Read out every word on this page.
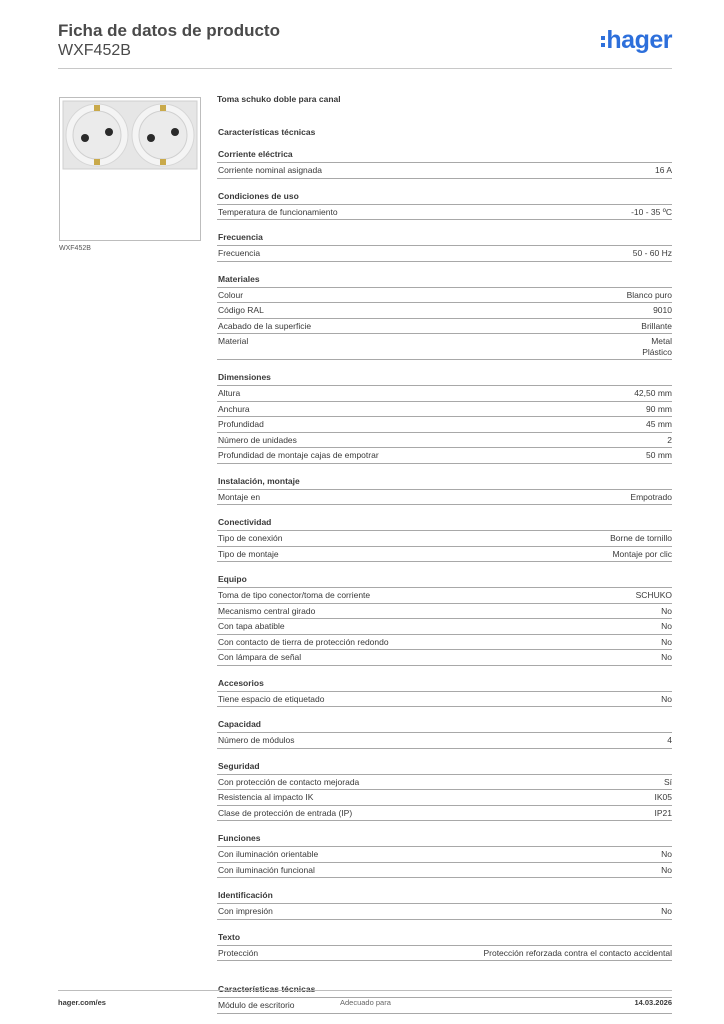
Ficha de datos de producto
WXF452B	hager
WXF452B
Toma schuko doble para canal
Características técnicas
Corriente eléctrica
Corriente nominal asignada	16 A
Condiciones de uso
Temperatura de funcionamiento	-10 - 35 ºC
Frecuencia
Frecuencia	50 - 60 Hz
Materiales
Colour	Blanco puro
Código RAL	9010
Acabado de la superficie	Brillante
Material	Metal
Plástico
Dimensiones
Altura	42,50 mm
Anchura	90 mm
Profundidad	45 mm
Número de unidades	2
Profundidad de montaje cajas de empotrar	50 mm
Instalación, montaje
Montaje en	Empotrado
Conectividad
Tipo de conexión	Borne de tornillo
Tipo de montaje	Montaje por clic
Equipo
Toma de tipo conector/toma de corriente	SCHUKO
Mecanismo central girado	No
Con tapa abatible	No
Con contacto de tierra de protección redondo	No
Con lámpara de señal	No
Accesorios
Tiene espacio de etiquetado	No
Capacidad
Número de módulos	4
Seguridad
Con protección de contacto mejorada	Sí
Resistencia al impacto IK	IK05
Clase de protección de entrada (IP)	IP21
Funciones
Con iluminación orientable	No
Con iluminación funcional	No
Identificación
Con impresión	No
Texto
Protección	Protección reforzada contra el contacto accidental
Características técnicas
Módulo de escritorio
hager.com/es	Adecuado para	14.03.2026
